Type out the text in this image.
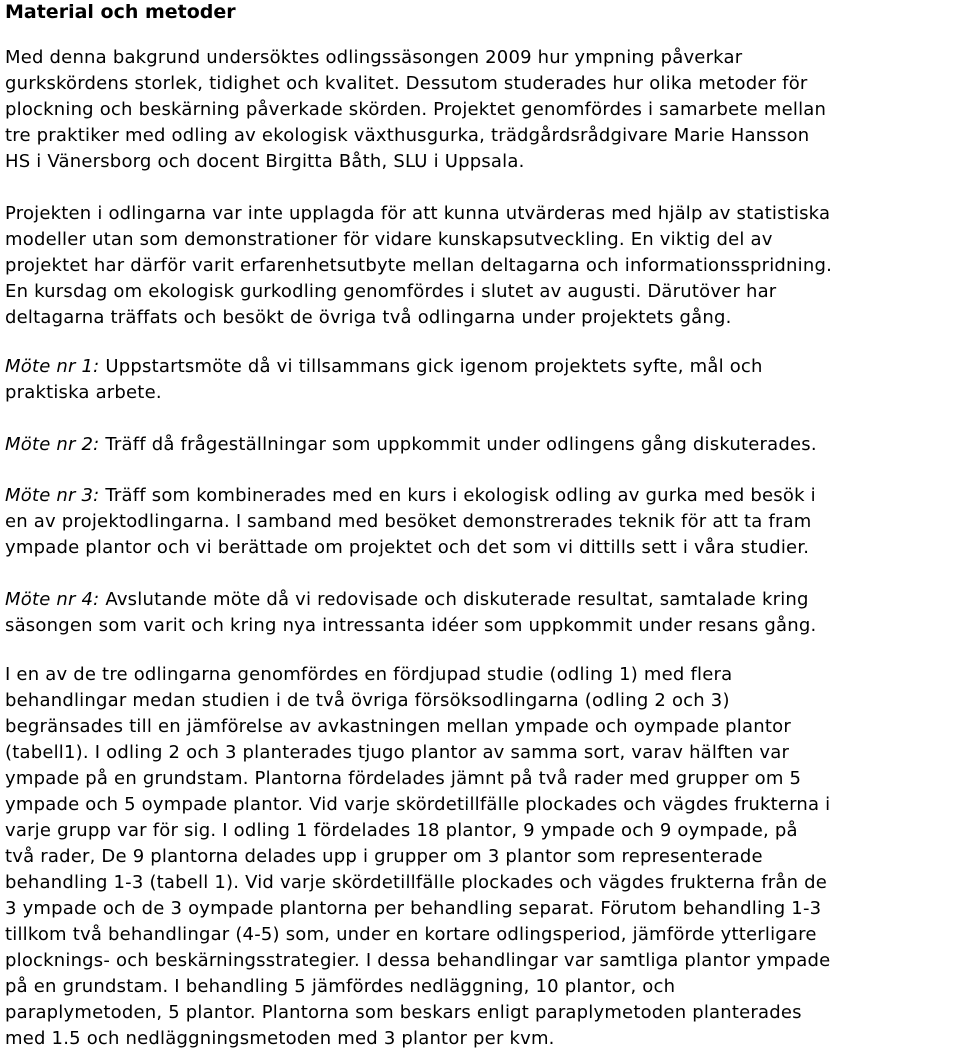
Material och metoder
Med denna bakgrund undersöktes odlingssäsongen 2009 hur ympning påverkar
gurkskördens storlek, tidighet och kvalitet. Dessutom studerades hur olika metoder för
plockning och beskärning påverkade skörden. Projektet genomfördes i samarbete mellan
tre praktiker med odling av ekologisk växthusgurka, trädgårdsrådgivare Marie Hansson
HS i Vänersborg och docent Birgitta Båth, SLU i Uppsala.
Projekten i odlingarna var inte upplagda för att kunna utvärderas med hjälp av statistiska
modeller utan som demonstrationer för vidare kunskapsutveckling. En viktig del av
projektet har därför varit erfarenhetsutbyte mellan deltagarna och informationsspridning.
En kursdag om ekologisk gurkodling genomfördes i slutet av augusti. Därutöver har
deltagarna träffats och besökt de övriga två odlingarna under projektets gång.
Möte nr 1: Uppstartsmöte då vi tillsammans gick igenom projektets syfte, mål och
praktiska arbete.
Möte nr 2: Träff då frågeställningar som uppkommit under odlingens gång diskuterades.
Möte nr 3: Träff som kombinerades med en kurs i ekologisk odling av gurka med besök i
en av projektodlingarna. I samband med besöket demonstrerades teknik för att ta fram
ympade plantor och vi berättade om projektet och det som vi dittills sett i våra studier.
Möte nr 4: Avslutande möte då vi redovisade och diskuterade resultat, samtalade kring
säsongen som varit och kring nya intressanta idéer som uppkommit under resans gång.
I en av de tre odlingarna genomfördes en fördjupad studie (odling 1) med flera
behandlingar medan studien i de två övriga försöksodlingarna (odling 2 och 3)
begränsades till en jämförelse av avkastningen mellan ympade och oympade plantor
(tabell1). I odling 2 och 3 planterades tjugo plantor av samma sort, varav hälften var
ympade på en grundstam. Plantorna fördelades jämnt på två rader med grupper om 5
ympade och 5 oympade plantor. Vid varje skördetillfälle plockades och vägdes frukterna i
varje grupp var för sig. I odling 1 fördelades 18 plantor, 9 ympade och 9 oympade, på
två rader, De 9 plantorna delades upp i grupper om 3 plantor som representerade
behandling 1-3 (tabell 1). Vid varje skördetillfälle plockades och vägdes frukterna från de
3 ympade och de 3 oympade plantorna per behandling separat. Förutom behandling 1-3
tillkom två behandlingar (4-5) som, under en kortare odlingsperiod, jämförde ytterligare
plocknings- och beskärningsstrategier. I dessa behandlingar var samtliga plantor ympade
på en grundstam. I behandling 5 jämfördes nedläggning, 10 plantor, och
paraplymetoden, 5 plantor. Plantorna som beskars enligt paraplymetoden planterades
med 1.5 och nedläggningsmetoden med 3 plantor per kvm.
